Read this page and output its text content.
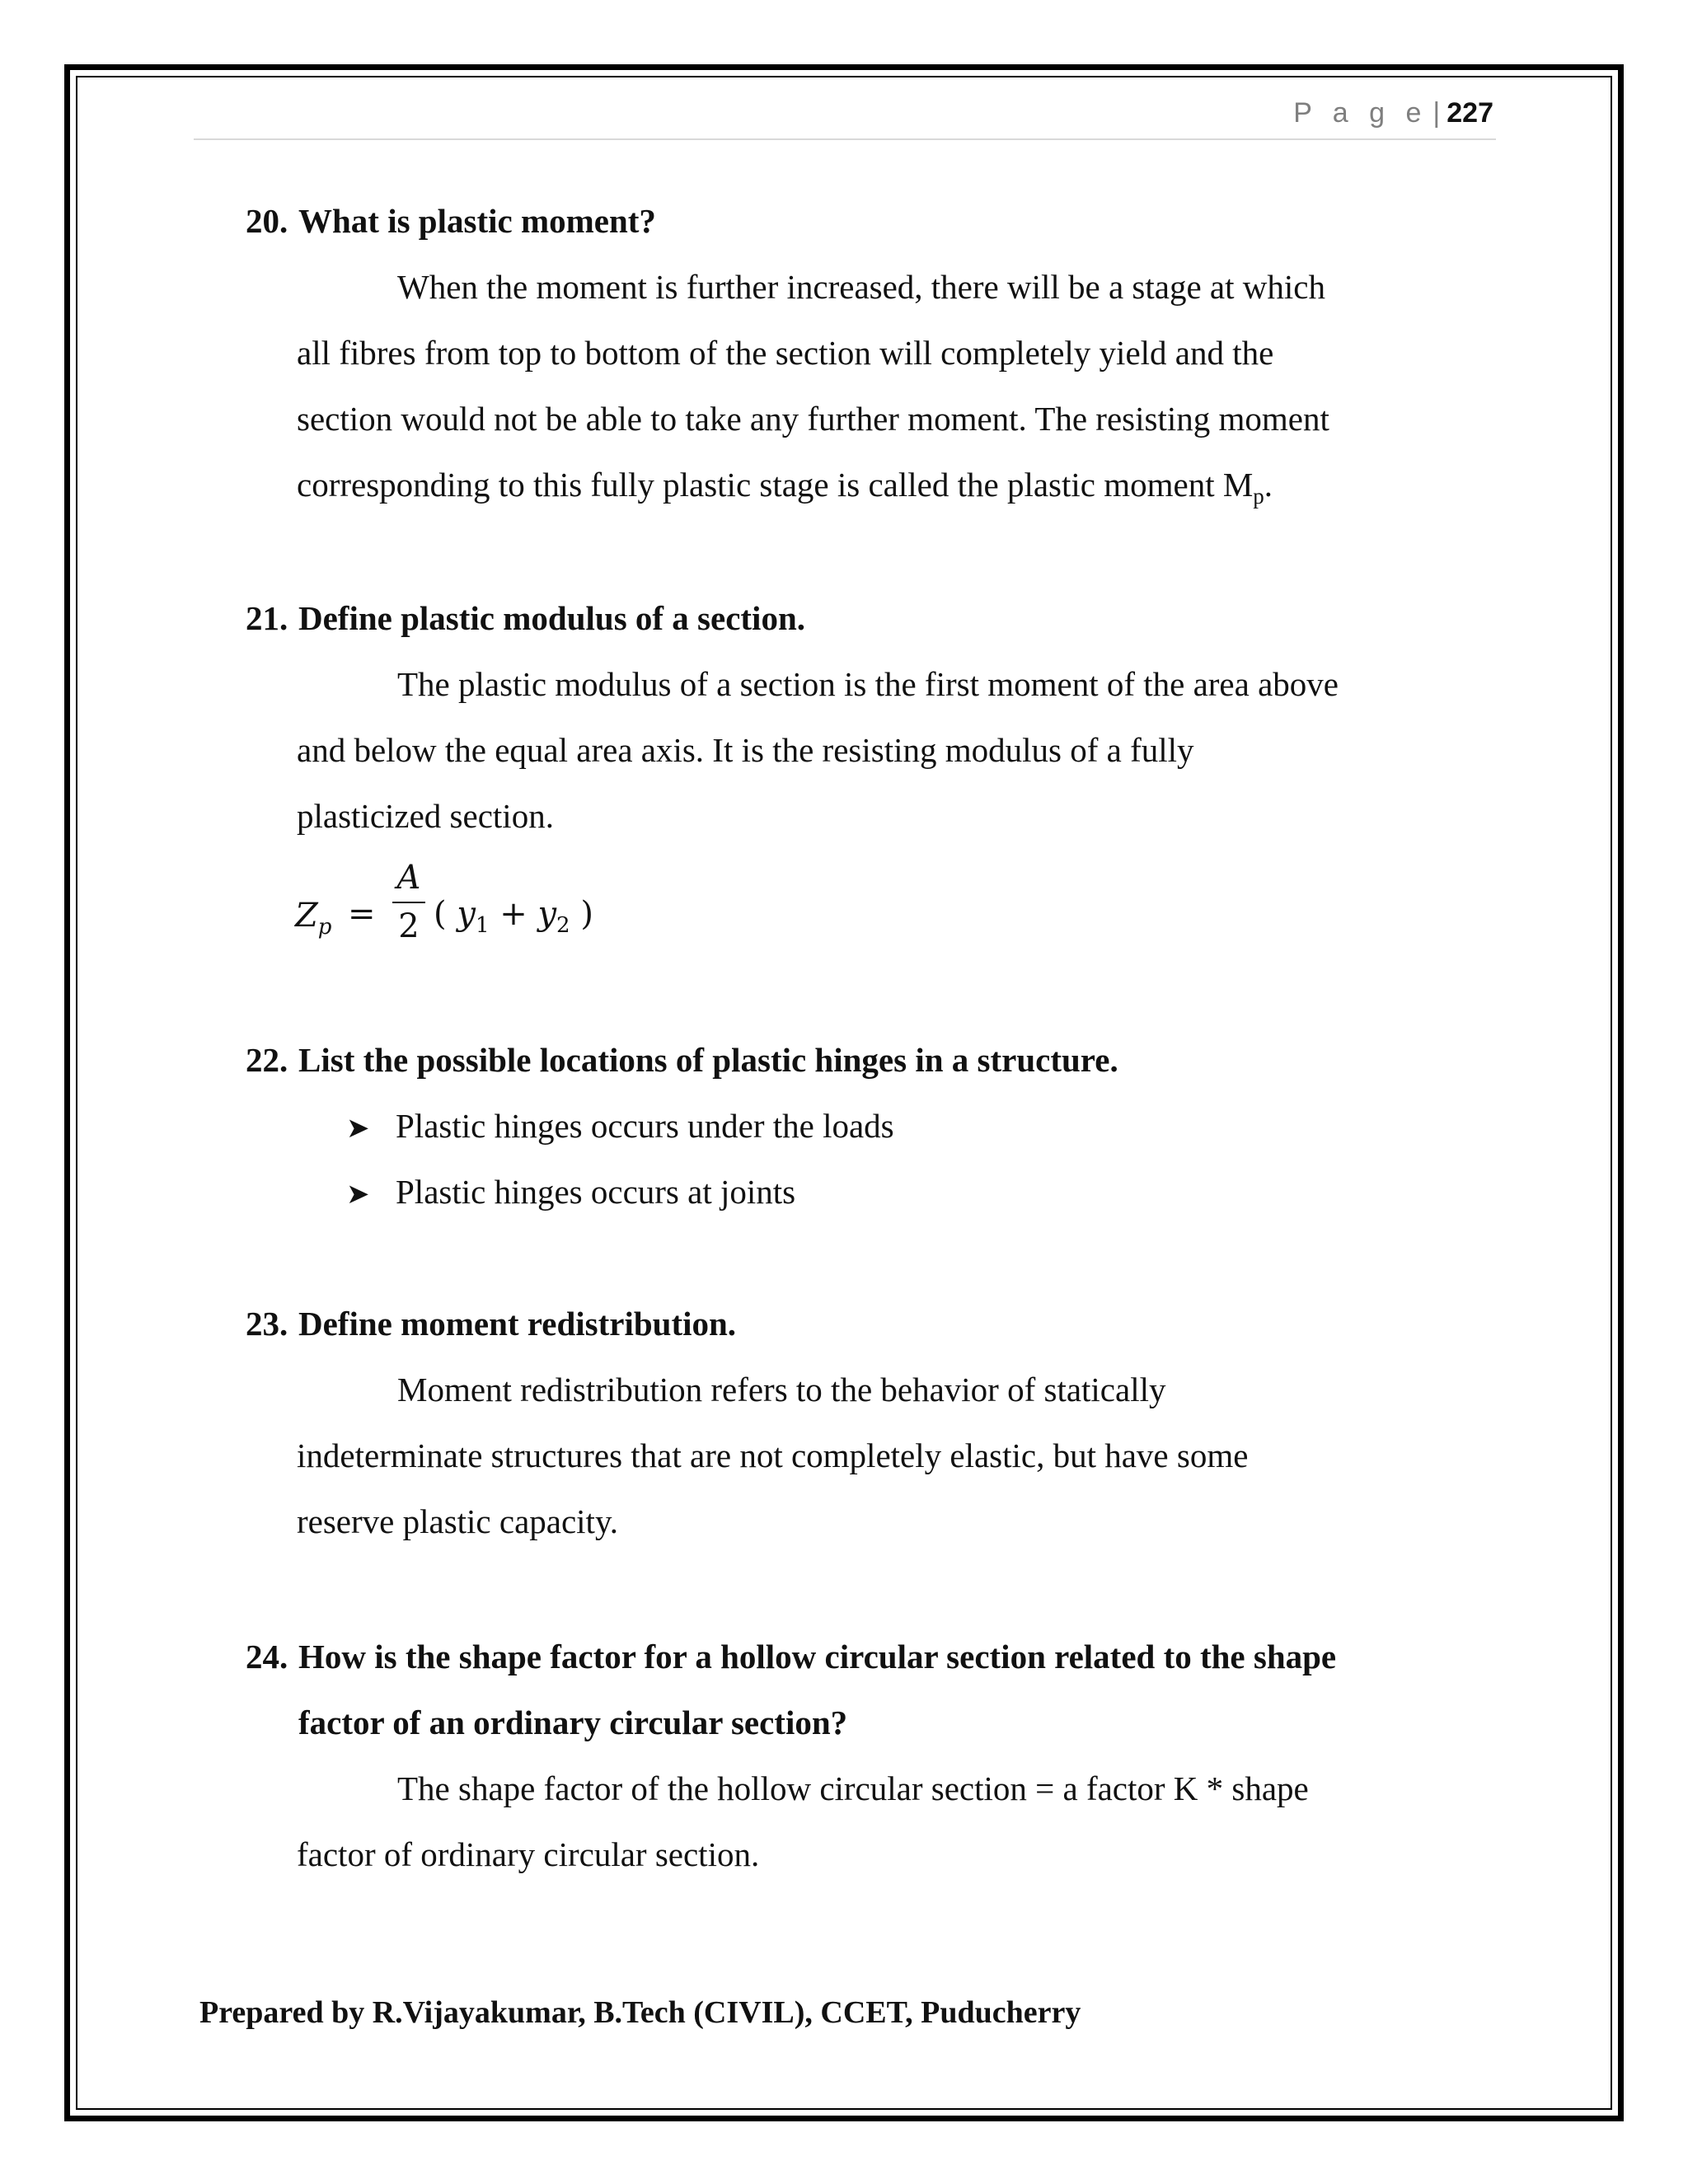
P a g e | 227
20. What is plastic moment?
When the moment is further increased, there will be a stage at which
all fibres from top to bottom of the section will completely yield and the
section would not be able to take any further moment. The resisting moment
corresponding to this fully plastic stage is called the plastic moment $M_p$.
21. Define plastic modulus of a section.
The plastic modulus of a section is the first moment of the area above
and below the equal area axis. It is the resisting modulus of a fully
plasticized section.
$Z_p$ =
A
2 ( $y_1 + y_2$ )
22. List the possible locations of plastic hinges in a structure.
➤ Plastic hinges occurs under the loads
➤ Plastic hinges occurs at joints
23. Define moment redistribution.
Moment redistribution refers to the behavior of statically
indeterminate structures that are not completely elastic, but have some
reserve plastic capacity.
24. How is the shape factor for a hollow circular section related to the shape
factor of an ordinary circular section?
The shape factor of the hollow circular section = a factor K * shape
factor of ordinary circular section.
Prepared by R.Vijayakumar, B.Tech (CIVIL), CCET, Puducherry
